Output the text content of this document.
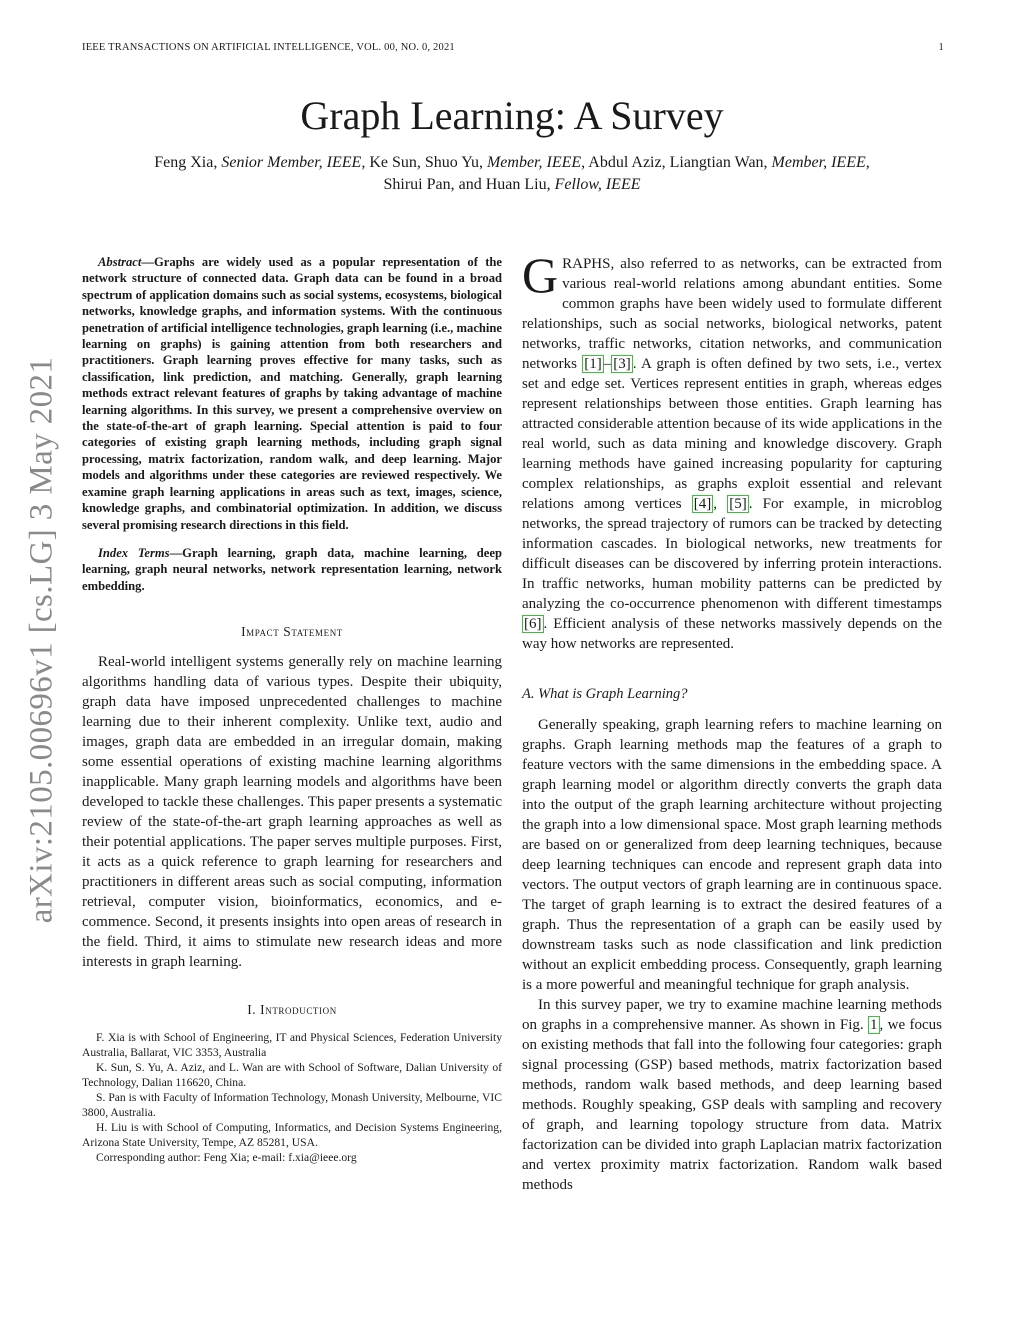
IEEE TRANSACTIONS ON ARTIFICIAL INTELLIGENCE, VOL. 00, NO. 0, 2021	1
arXiv:2105.00696v1 [cs.LG] 3 May 2021
Graph Learning: A Survey
Feng Xia, Senior Member, IEEE, Ke Sun, Shuo Yu, Member, IEEE, Abdul Aziz, Liangtian Wan, Member, IEEE,
Shirui Pan, and Huan Liu, Fellow, IEEE

Abstract—Graphs are widely used as a popular representation of the network structure of connected data. Graph data can be found in a broad spectrum of application domains such as social systems, ecosystems, biological networks, knowledge graphs, and information systems. With the continuous penetration of artificial intelligence technologies, graph learning (i.e., machine learning on graphs) is gaining attention from both researchers and practitioners. Graph learning proves effective for many tasks, such as classification, link prediction, and matching. Generally, graph learning methods extract relevant features of graphs by taking advantage of machine learning algorithms. In this survey, we present a comprehensive overview on the state-of-the-art of graph learning. Special attention is paid to four categories of existing graph learning methods, including graph signal processing, matrix factorization, random walk, and deep learning. Major models and algorithms under these categories are reviewed respectively. We examine graph learning applications in areas such as text, images, science, knowledge graphs, and combinatorial optimization. In addition, we discuss several promising research directions in this field.

Index Terms—Graph learning, graph data, machine learning, deep learning, graph neural networks, network representation learning, network embedding.

Impact Statement

Real-world intelligent systems generally rely on machine learning algorithms handling data of various types. Despite their ubiquity, graph data have imposed unprecedented challenges to machine learning due to their inherent complexity. Unlike text, audio and images, graph data are embedded in an irregular domain, making some essential operations of existing machine learning algorithms inapplicable. Many graph learning models and algorithms have been developed to tackle these challenges. This paper presents a systematic review of the state-of-the-art graph learning approaches as well as their potential applications. The paper serves multiple purposes. First, it acts as a quick reference to graph learning for researchers and practitioners in different areas such as social computing, information retrieval, computer vision, bioinformatics, economics, and e-commence. Second, it presents insights into open areas of research in the field. Third, it aims to stimulate new research ideas and more interests in graph learning.

I. Introduction

F. Xia is with School of Engineering, IT and Physical Sciences, Federation University Australia, Ballarat, VIC 3353, Australia

K. Sun, S. Yu, A. Aziz, and L. Wan are with School of Software, Dalian University of Technology, Dalian 116620, China.

S. Pan is with Faculty of Information Technology, Monash University, Melbourne, VIC 3800, Australia.

H. Liu is with School of Computing, Informatics, and Decision Systems Engineering, Arizona State University, Tempe, AZ 85281, USA.

Corresponding author: Feng Xia; e-mail: f.xia@ieee.org

GRAPHS, also referred to as networks, can be extracted from various real-world relations among abundant entities. Some common graphs have been widely used to formulate different relationships, such as social networks, biological networks, patent networks, traffic networks, citation networks, and communication networks [1] – [3] . A graph is often defined by two sets, i.e., vertex set and edge set. Vertices represent entities in graph, whereas edges represent relationships between those entities. Graph learning has attracted considerable attention because of its wide applications in the real world, such as data mining and knowledge discovery. Graph learning methods have gained increasing popularity for capturing complex relationships, as graphs exploit essential and relevant relations among vertices [4] , [5] . For example, in microblog networks, the spread trajectory of rumors can be tracked by detecting information cascades. In biological networks, new treatments for difficult diseases can be discovered by inferring protein interactions. In traffic networks, human mobility patterns can be predicted by analyzing the co-occurrence phenomenon with different timestamps [6] . Efficient analysis of these networks massively depends on the way how networks are represented.

A. What is Graph Learning?

Generally speaking, graph learning refers to machine learning on graphs. Graph learning methods map the features of a graph to feature vectors with the same dimensions in the embedding space. A graph learning model or algorithm directly converts the graph data into the output of the graph learning architecture without projecting the graph into a low dimensional space. Most graph learning methods are based on or generalized from deep learning techniques, because deep learning techniques can encode and represent graph data into vectors. The output vectors of graph learning are in continuous space. The target of graph learning is to extract the desired features of a graph. Thus the representation of a graph can be easily used by downstream tasks such as node classification and link prediction without an explicit embedding process. Consequently, graph learning is a more powerful and meaningful technique for graph analysis.

In this survey paper, we try to examine machine learning methods on graphs in a comprehensive manner. As shown in Fig. 1 , we focus on existing methods that fall into the following four categories: graph signal processing (GSP) based methods, matrix factorization based methods, random walk based methods, and deep learning based methods. Roughly speaking, GSP deals with sampling and recovery of graph, and learning topology structure from data. Matrix factorization can be divided into graph Laplacian matrix factorization and vertex proximity matrix factorization. Random walk based methods
